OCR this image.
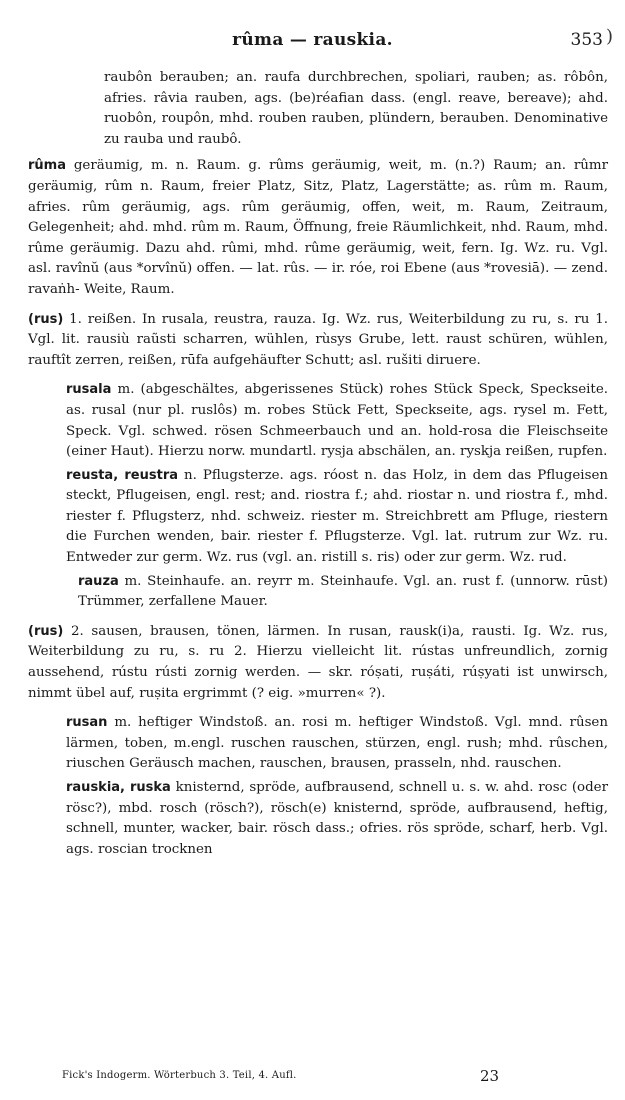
rûma — rauskia.	353 )

raubôn berauben; an. raufa durchbrechen, spoliari, rauben; as. rôbôn, afries. râvia rauben, ags. (be)réafian dass. (engl. reave, bereave); ahd. ruobôn, roupôn, mhd. rouben rauben, plündern, berauben. Denominative zu rauba und raubô.

rûma geräumig, m. n. Raum. g. rûms geräumig, weit, m. (n.?) Raum; an. rûmr geräumig, rûm n. Raum, freier Platz, Sitz, Platz, Lagerstätte; as. rûm m. Raum, afries. rûm geräumig, ags. rûm geräumig, offen, weit, m. Raum, Zeitraum, Gelegenheit; ahd. mhd. rûm m. Raum, Öffnung, freie Räumlichkeit, nhd. Raum, mhd. rûme geräumig. Dazu ahd. rûmi, mhd. rûme geräumig, weit, fern. Ig. Wz. ru. Vgl. asl. ravînŭ (aus *orvînŭ) offen. — lat. rûs. — ir. róe, roi Ebene (aus *rovesiā). — zend. ravaṅh- Weite, Raum.

(rus) 1. reißen. In rusala, reustra, rauza. Ig. Wz. rus, Weiterbildung zu ru, s. ru 1. Vgl. lit. rausiù raũsti scharren, wühlen, rùsys Grube, lett. raust schüren, wühlen, rauftît zerren, reißen, rūfa aufgehäufter Schutt; asl. rušiti diruere.

rusala m. (abgeschältes, abgerissenes Stück) rohes Stück Speck, Speckseite. as. rusal (nur pl. ruslôs) m. robes Stück Fett, Speckseite, ags. rysel m. Fett, Speck. Vgl. schwed. rösen Schmeerbauch und an. hold-rosa die Fleischseite (einer Haut). Hierzu norw. mundartl. rysja abschälen, an. ryskja reißen, rupfen.

reusta, reustra n. Pflugsterze. ags. róost n. das Holz, in dem das Pflugeisen steckt, Pflugeisen, engl. rest; and. riostra f.; ahd. riostar n. und riostra f., mhd. riester f. Pflugsterz, nhd. schweiz. riester m. Streichbrett am Pfluge, riestern die Furchen wenden, bair. riester f. Pflugsterze. Vgl. lat. rutrum zur Wz. ru. Entweder zur germ. Wz. rus (vgl. an. ristill s. ris) oder zur germ. Wz. rud.

rauza m. Steinhaufe. an. reyrr m. Steinhaufe. Vgl. an. rust f. (unnorw. rūst) Trümmer, zerfallene Mauer.

(rus) 2. sausen, brausen, tönen, lärmen. In rusan, rausk(i)a, rausti. Ig. Wz. rus, Weiterbildung zu ru, s. ru 2. Hierzu vielleicht lit. rústas unfreundlich, zornig aussehend, rústu rústi zornig werden. — skr. róṣati, ruṣáti, rúṣyati ist unwirsch, nimmt übel auf, ruṣita ergrimmt (? eig. »murren« ?).

rusan m. heftiger Windstoß. an. rosi m. heftiger Windstoß. Vgl. mnd. rûsen lärmen, toben, m.engl. ruschen rauschen, stürzen, engl. rush; mhd. rûschen, riuschen Geräusch machen, rauschen, brausen, prasseln, nhd. rauschen.

rauskia, ruska knisternd, spröde, aufbrausend, schnell u. s. w. ahd. rosc (oder rösc?), mbd. rosch (rösch?), rösch(e) knisternd, spröde, aufbrausend, heftig, schnell, munter, wacker, bair. rösch dass.; ofries. rös spröde, scharf, herb. Vgl. ags. roscian trocknen

Fick's Indogerm. Wörterbuch 3. Teil, 4. Aufl.	23
